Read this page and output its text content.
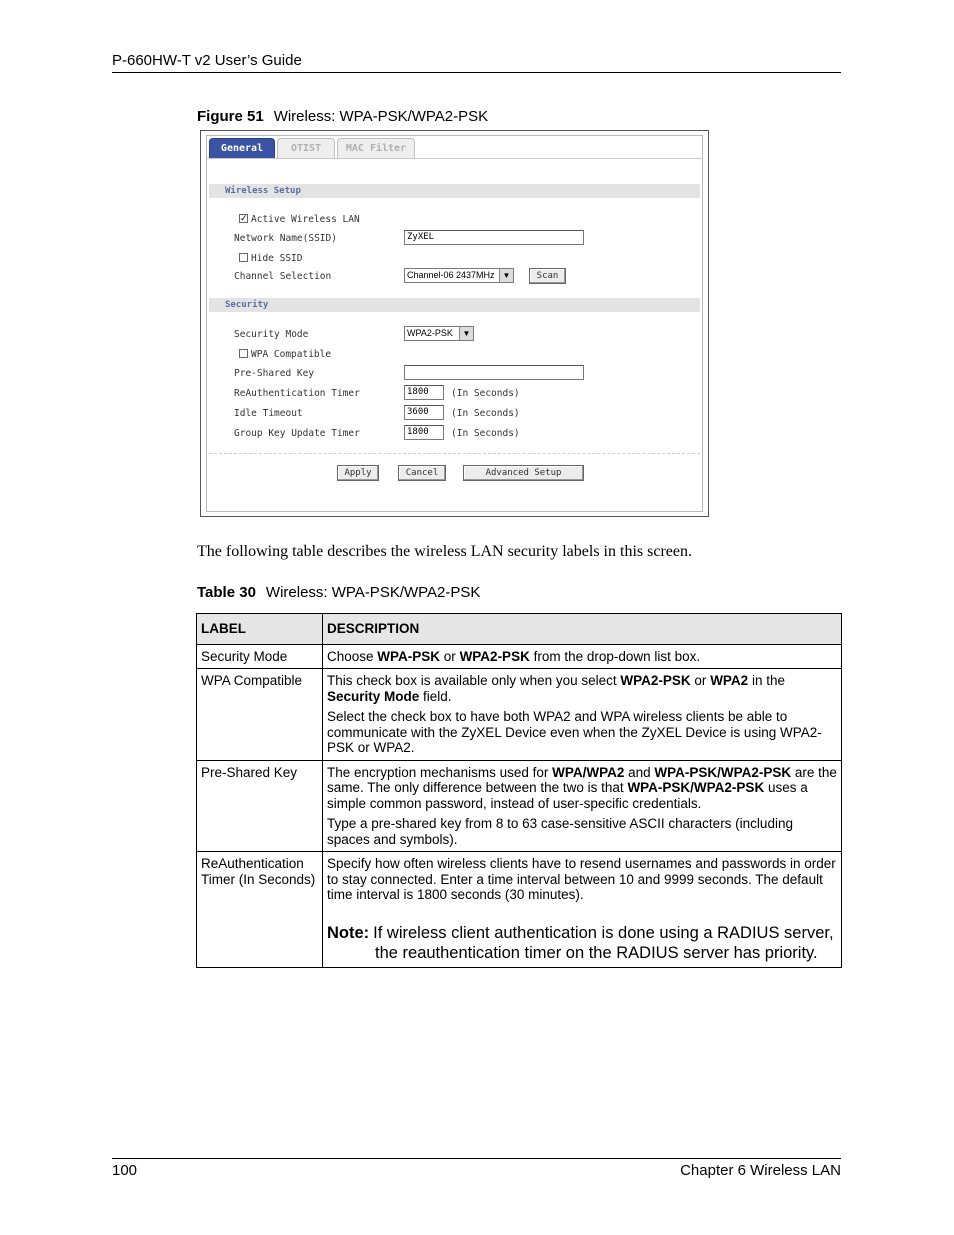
P-660HW-T v2 User’s Guide
Figure 51 Wireless: WPA-PSK/WPA2-PSK
General	OTIST	MAC Filter
Wireless Setup
✓ Active Wireless LAN
Network Name(SSID)	ZyXEL
Hide SSID
Channel Selection	Channel-06 2437MHz ▼	Scan
Security
Security Mode	WPA2-PSK	▼
WPA Compatible
Pre-Shared Key
ReAuthentication Timer	1800	(In Seconds)
Idle Timeout	3600	(In Seconds)
Group Key Update Timer	1800	(In Seconds)
Apply	Cancel	Advanced Setup
The following table describes the wireless LAN security labels in this screen.
Table 30 Wireless: WPA-PSK/WPA2-PSK
LABEL	DESCRIPTION
Security Mode	Choose WPA-PSK or WPA2-PSK from the drop-down list box.
WPA Compatible	This check box is available only when you select WPA2-PSK or WPA2 in the Security Mode field.

Select the check box to have both WPA2 and WPA wireless clients be able to communicate with the ZyXEL Device even when the ZyXEL Device is using WPA2-PSK or WPA2.

Pre-Shared Key	The encryption mechanisms used for WPA/WPA2 and WPA-PSK/WPA2-PSK are the same. The only difference between the two is that WPA-PSK/WPA2-PSK uses a simple common password, instead of user-specific credentials.

Type a pre-shared key from 8 to 63 case-sensitive ASCII characters (including spaces and symbols).

ReAuthentication Timer (In Seconds)	Specify how often wireless clients have to resend usernames and passwords in order to stay connected. Enter a time interval between 10 and 9999 seconds. The default time interval is 1800 seconds (30 minutes).

Note: If wireless client authentication is done using a RADIUS server, the reauthentication timer on the RADIUS server has priority.

100	Chapter 6 Wireless LAN
